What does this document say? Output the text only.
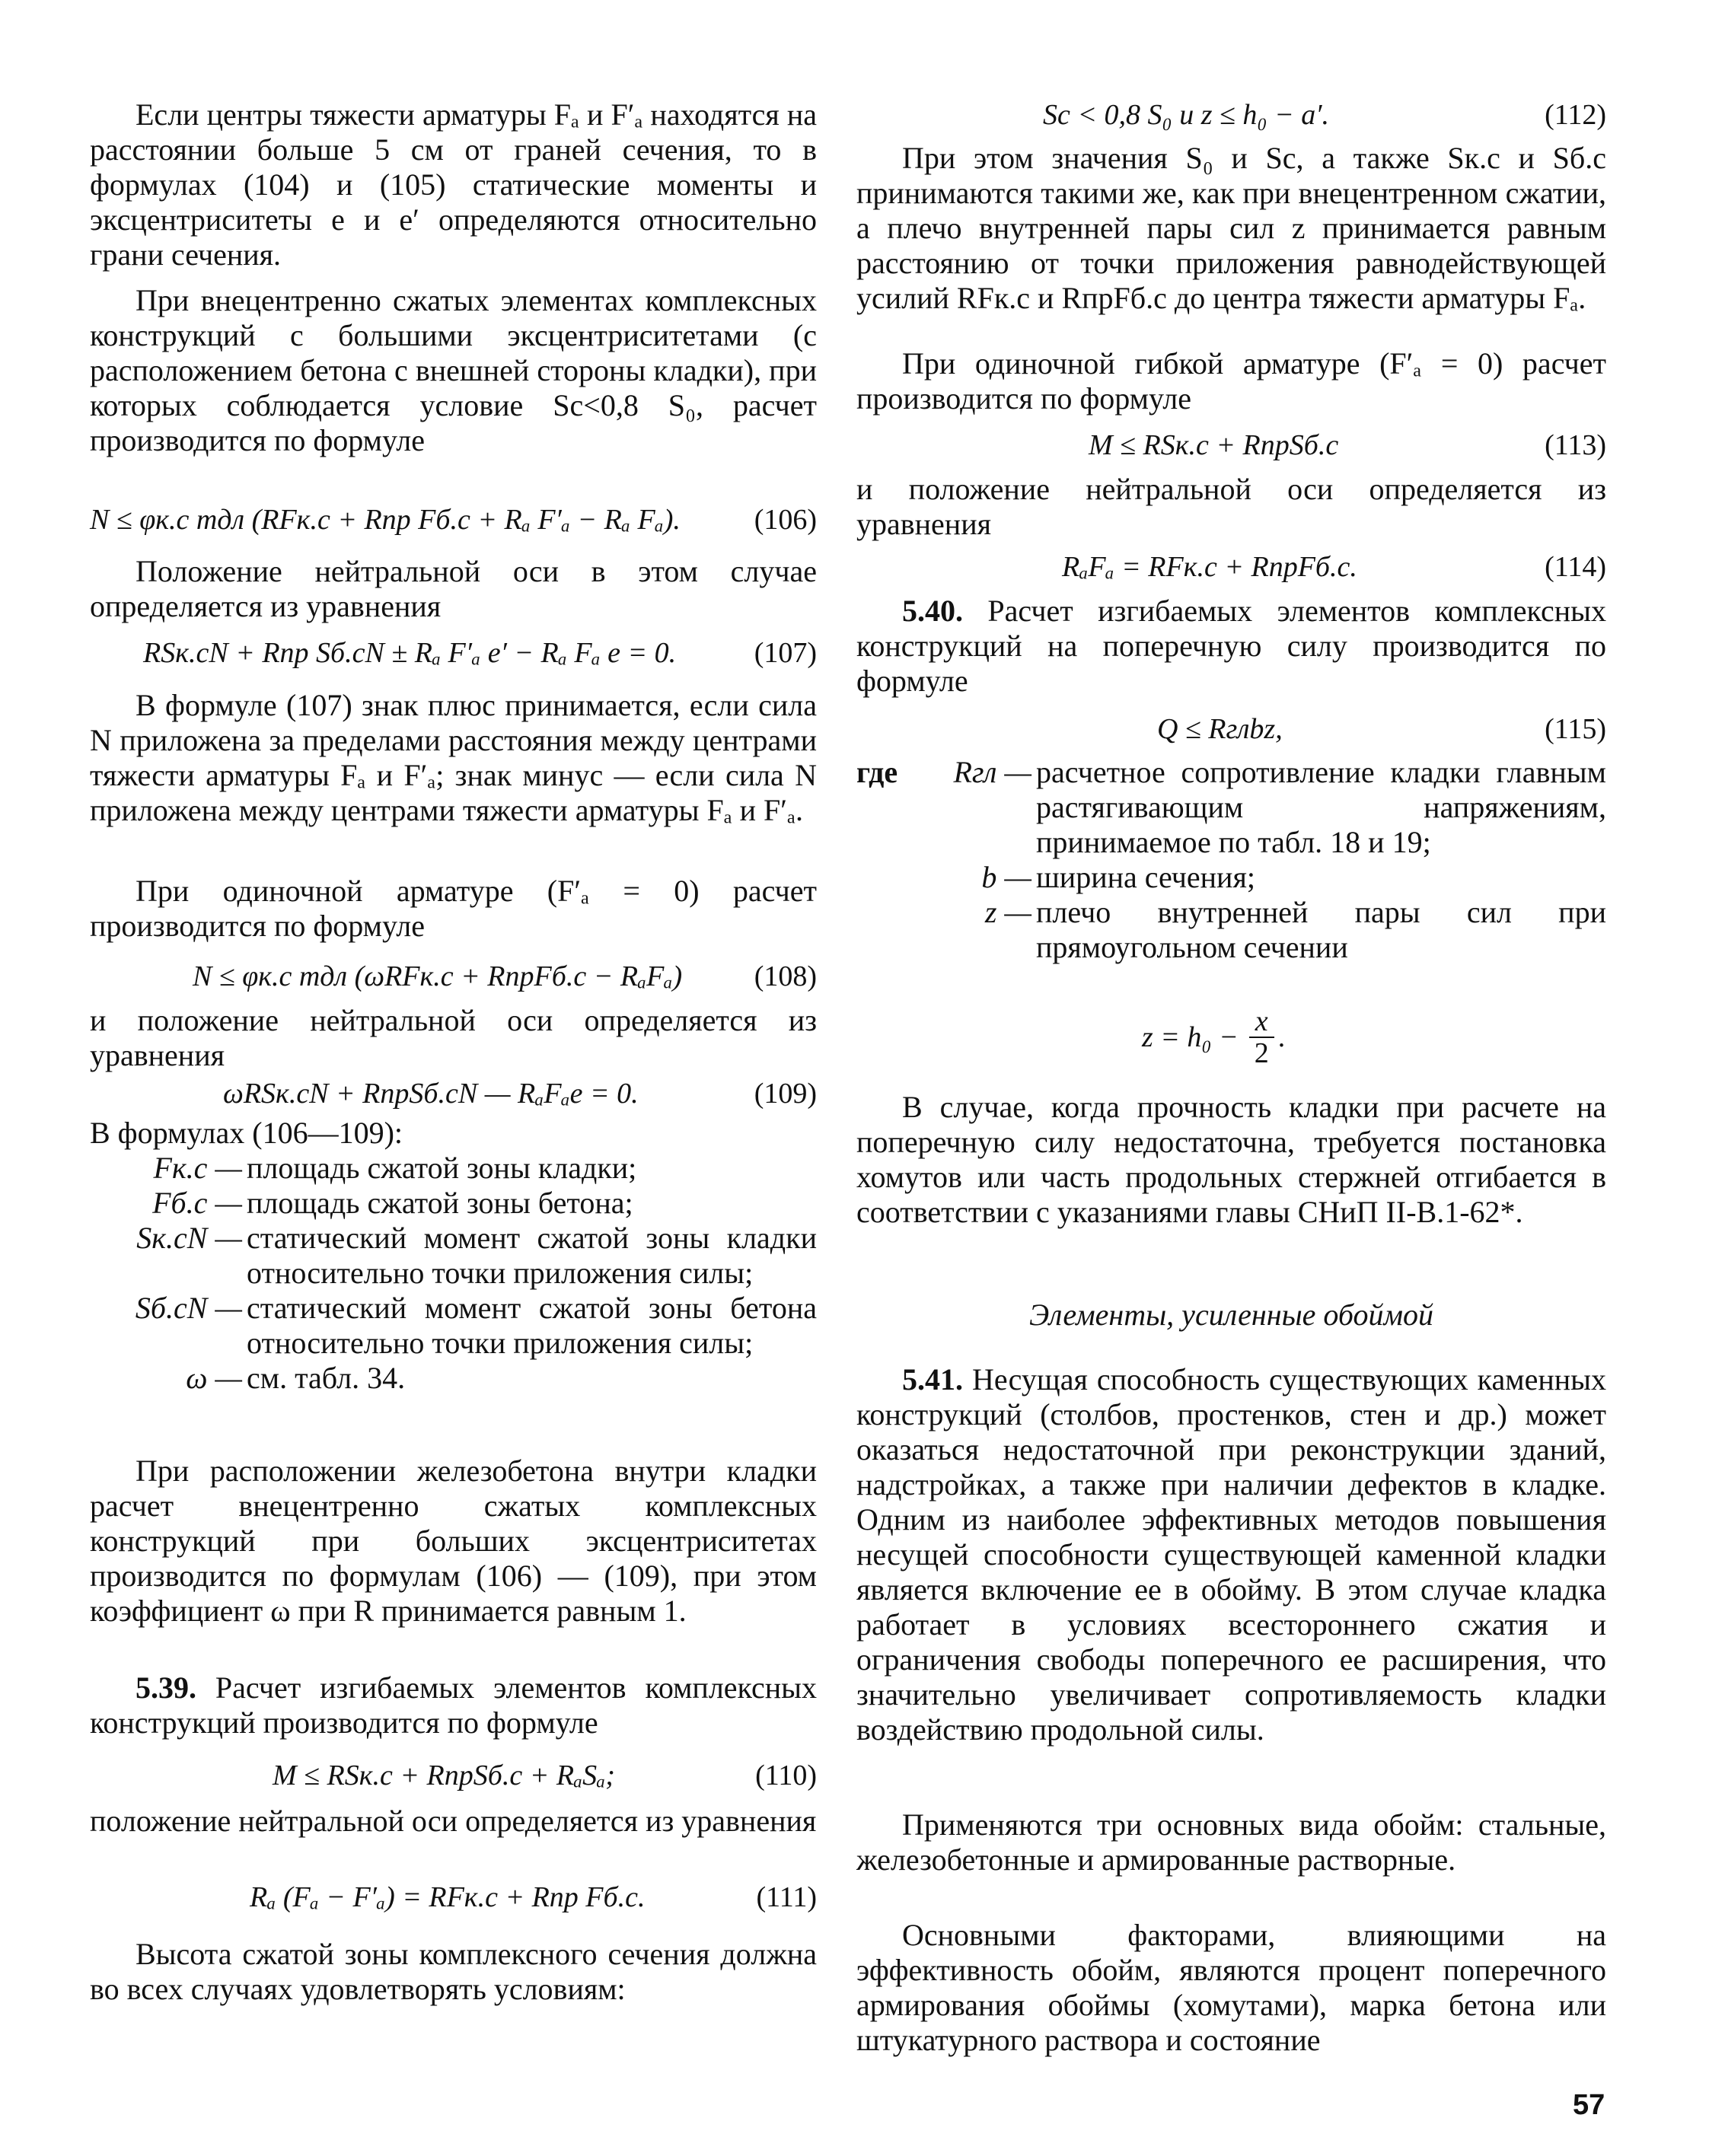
Если центры тяжести арматуры Fₐ и F′ₐ находятся на расстоянии больше 5 см от граней сечения, то в формулах (104) и (105) статические моменты и эксцентриситеты e и e′ определяются относительно грани сечения.

При внецентренно сжатых элементах комплексных конструкций с большими эксцентриситетами (с расположением бетона с внешней стороны кладки), при которых соблюдается условие Sc<0,8 S₀, расчет производится по формуле

N ≤ φк.с mдл (RFк.с + Rпр Fб.с + Rₐ F′ₐ − Rₐ Fₐ).	(106)

Положение нейтральной оси в этом случае определяется из уравнения

RSк.сN + Rпр Sб.сN ± Rₐ F′ₐ e′ − Rₐ Fₐ e = 0.	(107)

В формуле (107) знак плюс принимается, если сила N приложена за пределами расстояния между центрами тяжести арматуры Fₐ и F′ₐ; знак минус — если сила N приложена между центрами тяжести арматуры Fₐ и F′ₐ.

При одиночной арматуре (F′ₐ = 0) расчет производится по формуле

N ≤ φк.с mдл (ωRFк.с + RпрFб.с − RₐFₐ) (108)

и положение нейтральной оси определяется из уравнения

ωRSк.сN + RпрSб.сN — RₐFₐe = 0.	(109)

В формулах (106—109):

Fк.с — площадь сжатой зоны кладки;
Fб.с — площадь сжатой зоны бетона;
Sк.сN — статический момент сжатой зоны кладки относительно точки приложения силы;
Sб.сN — статический момент сжатой зоны бетона относительно точки приложения силы;
ω — см. табл. 34.

При расположении железобетона внутри кладки расчет внецентренно сжатых комплексных конструкций при больших эксцентриситетах производится по формулам (106) — (109), при этом коэффициент ω при R принимается равным 1.

5.39. Расчет изгибаемых элементов комплексных конструкций производится по формуле

M ≤ RSк.с + RпрSб.с + RₐSₐ;	(110)

положение нейтральной оси определяется из уравнения

Rₐ (Fₐ − F′ₐ) = RFк.с + Rпр Fб.с.	(111)

Высота сжатой зоны комплексного сечения должна во всех случаях удовлетворять условиям:

Sc < 0,8 S₀ и z ≤ h₀ − a′.	(112)

При этом значения S₀ и Sc, а также Sк.с и Sб.с принимаются такими же, как при внецентренном сжатии, а плечо внутренней пары сил z принимается равным расстоянию от точки приложения равнодействующей усилий RFк.с и RпрFб.с до центра тяжести арматуры Fₐ.

При одиночной гибкой арматуре (F′ₐ = 0) расчет производится по формуле

M ≤ RSк.с + RпрSб.с	(113)

и положение нейтральной оси определяется из уравнения

RₐFₐ = RFк.с + RпрFб.с.	(114)

5.40. Расчет изгибаемых элементов комплексных конструкций на поперечную силу производится по формуле

Q ≤ Rглbz,	(115)
где	Rгл — расчетное сопротивление кладки главным растягивающим напряжениям, принимаемое по табл. 18 и 19;
b — ширина сечения;
z — плечо внутренней пары сил при прямоугольном сечении
$z = h_0 - \frac{x}{2}$ .

В случае, когда прочность кладки при расчете на поперечную силу недостаточна, требуется постановка хомутов или часть продольных стержней отгибается в соответствии с указаниями главы СНиП II-B.1-62*.

Элементы, усиленные обоймой

5.41. Несущая способность существующих каменных конструкций (столбов, простенков, стен и др.) может оказаться недостаточной при реконструкции зданий, надстройках, а также при наличии дефектов в кладке. Одним из наиболее эффективных методов повышения несущей способности существующей каменной кладки является включение ее в обойму. В этом случае кладка работает в условиях всестороннего сжатия и ограничения свободы поперечного ее расширения, что значительно увеличивает сопротивляемость кладки воздействию продольной силы.

Применяются три основных вида обойм: стальные, железобетонные и армированные растворные.

Основными факторами, влияющими на эффективность обойм, являются процент поперечного армирования обоймы (хомутами), марка бетона или штукатурного раствора и состояние

57
